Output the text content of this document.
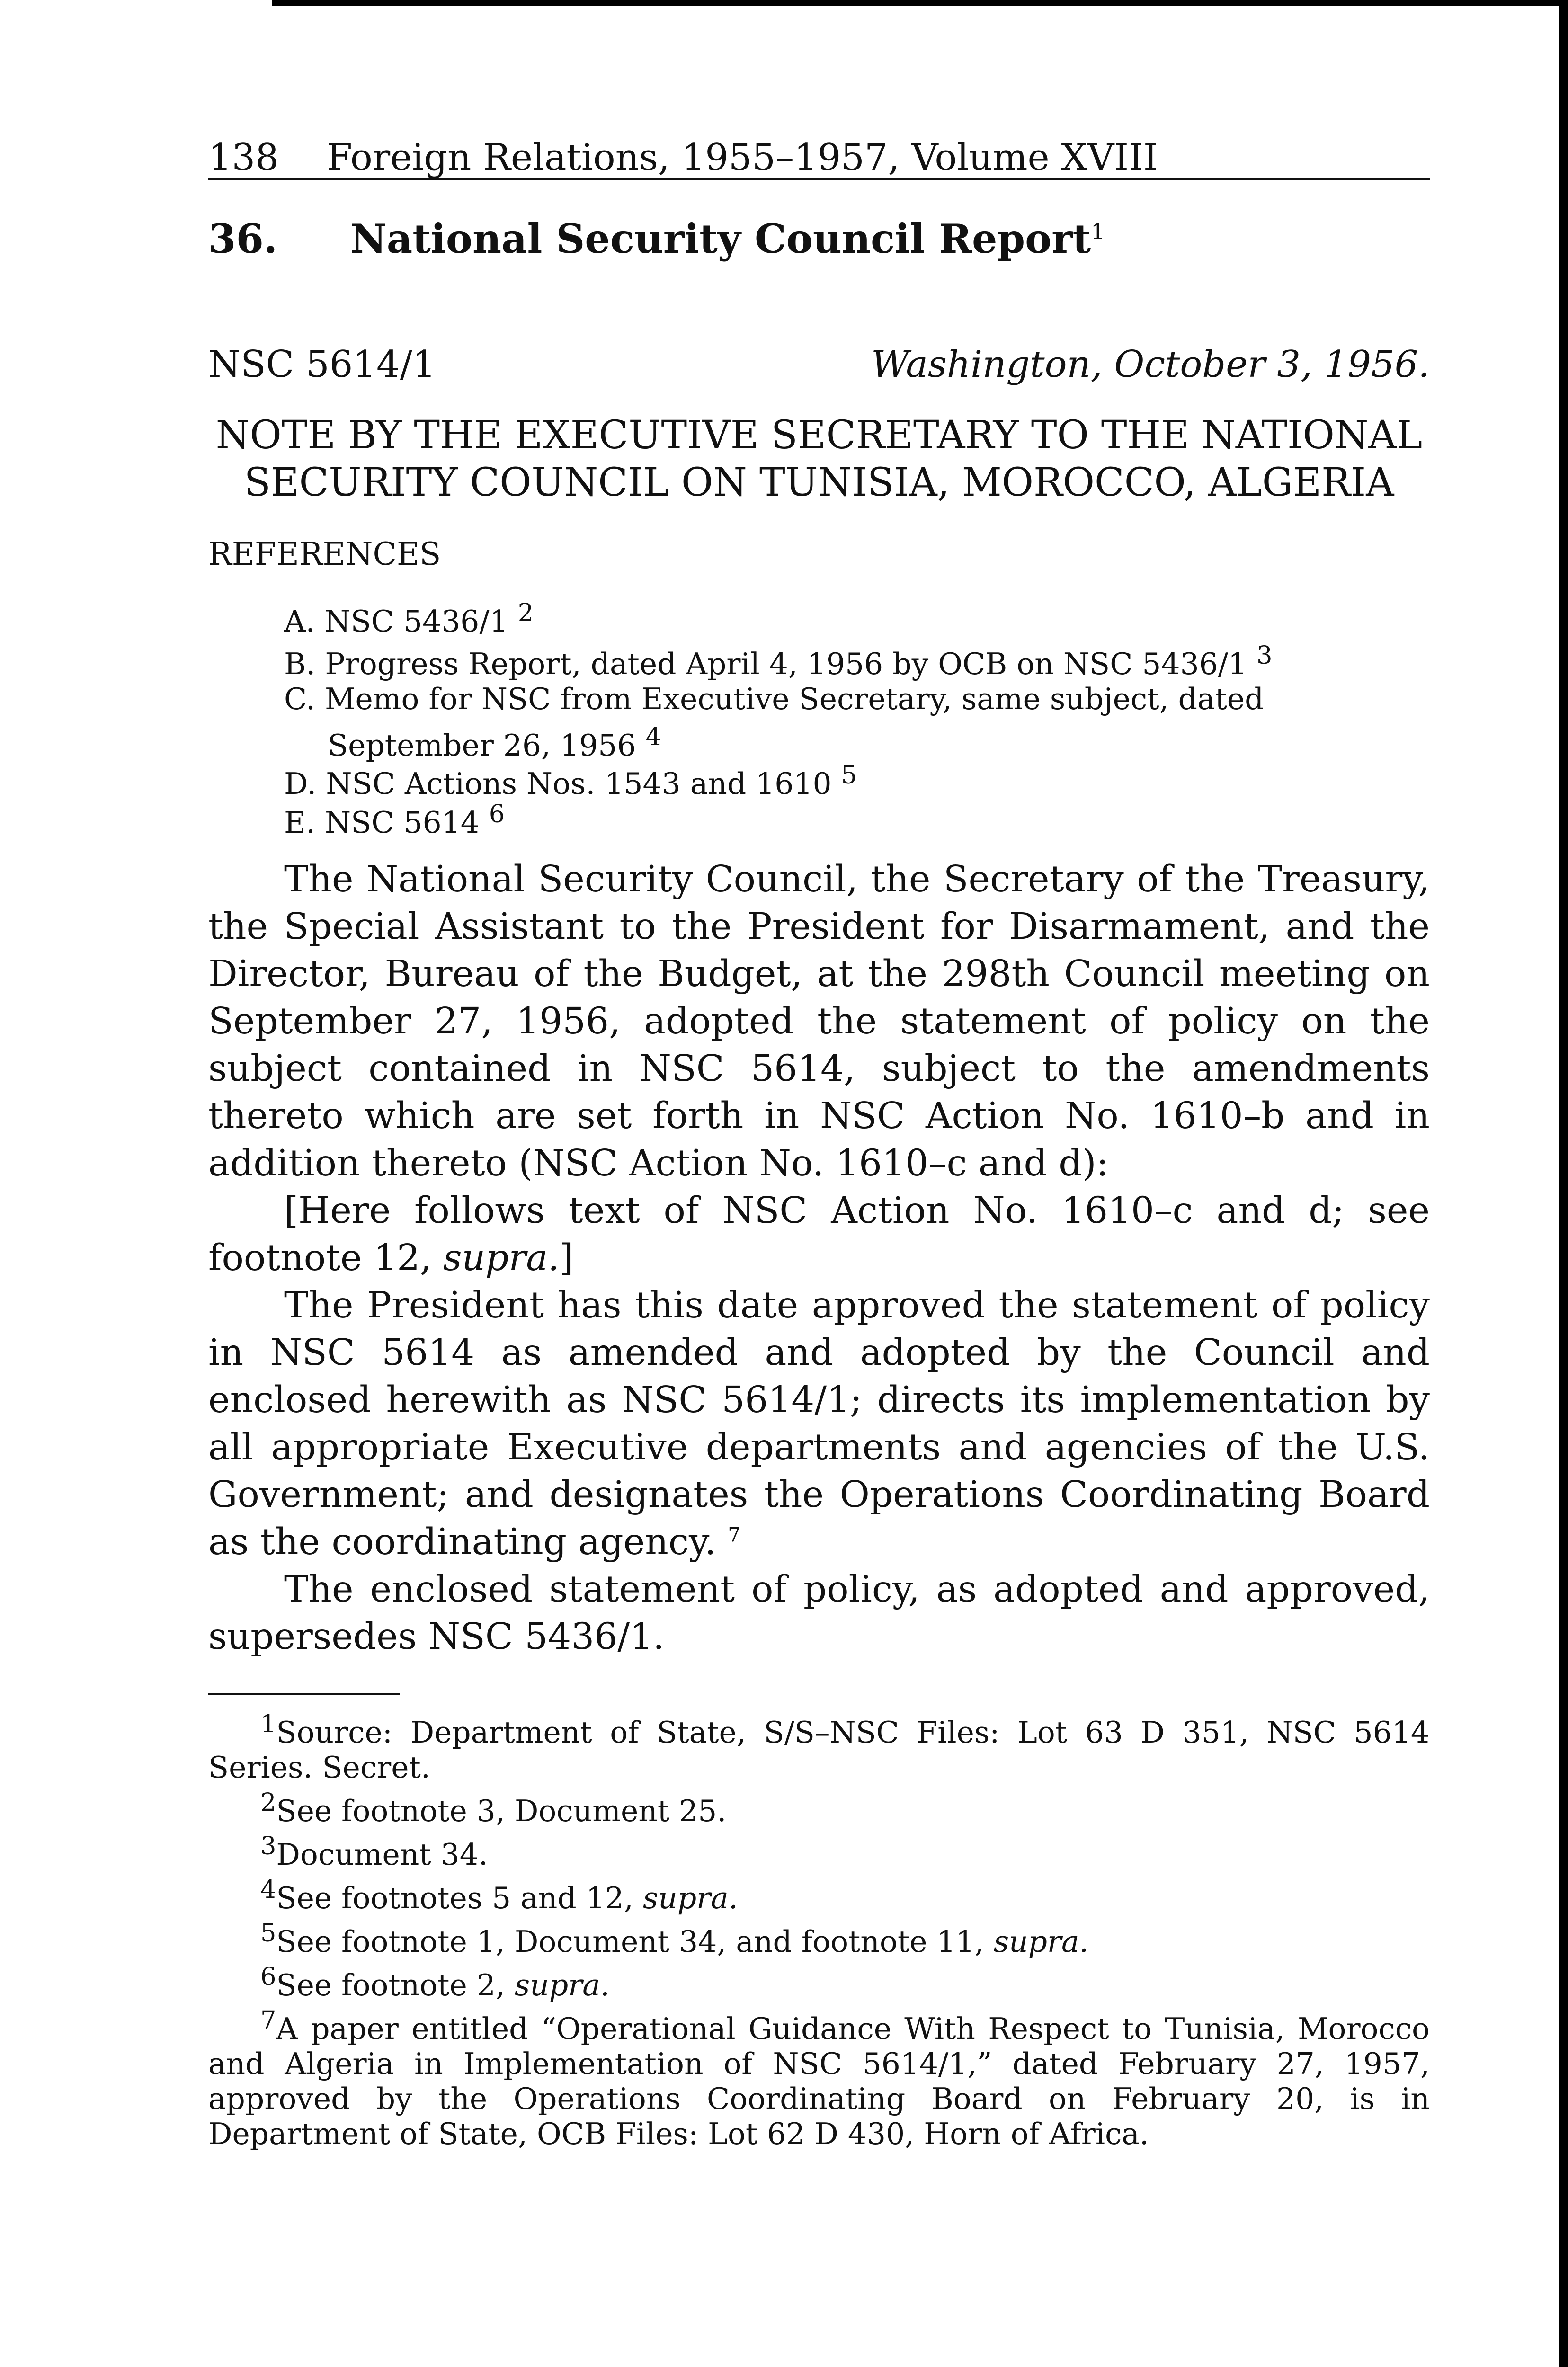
138 Foreign Relations, 1955–1957, Volume XVIII
36. National Security Council Report$^1$
NSC 5614/1	Washington, October 3, 1956.
NOTE BY THE EXECUTIVE SECRETARY TO THE NATIONAL
SECURITY COUNCIL ON TUNISIA, MOROCCO, ALGERIA
REFERENCES
A. NSC 5436/1 $^2$
B. Progress Report, dated April 4, 1956 by OCB on NSC 5436/1 $^3$
C. Memo for NSC from Executive Secretary, same subject, dated
September 26, 1956 $^4$
D. NSC Actions Nos. 1543 and 1610 $^5$
E. NSC 5614 $^6$

The National Security Council, the Secretary of the Treasury, the Special Assistant to the President for Disarmament, and the Director, Bureau of the Budget, at the 298th Council meeting on September 27, 1956, adopted the statement of policy on the subject contained in NSC 5614, subject to the amendments thereto which are set forth in NSC Action No. 1610–b and in addition thereto (NSC Action No. 1610–c and d):

[Here follows text of NSC Action No. 1610–c and d; see footnote 12, supra.]

The President has this date approved the statement of policy in NSC 5614 as amended and adopted by the Council and enclosed herewith as NSC 5614/1; directs its implementation by all appropriate Executive departments and agencies of the U.S. Government; and designates the Operations Coordinating Board as the coordinating agency. $^7$

The enclosed statement of policy, as adopted and approved, supersedes NSC 5436/1.

$^1$Source: Department of State, S/S–NSC Files: Lot 63 D 351, NSC 5614 Series. Secret.

$^2$See footnote 3, Document 25.

$^3$Document 34.

$^4$See footnotes 5 and 12, supra.

$^5$See footnote 1, Document 34, and footnote 11, supra.

$^6$See footnote 2, supra.

$^7$A paper entitled “Operational Guidance With Respect to Tunisia, Morocco and Algeria in Implementation of NSC 5614/1,” dated February 27, 1957, approved by the Operations Coordinating Board on February 20, is in Department of State, OCB Files: Lot 62 D 430, Horn of Africa.
